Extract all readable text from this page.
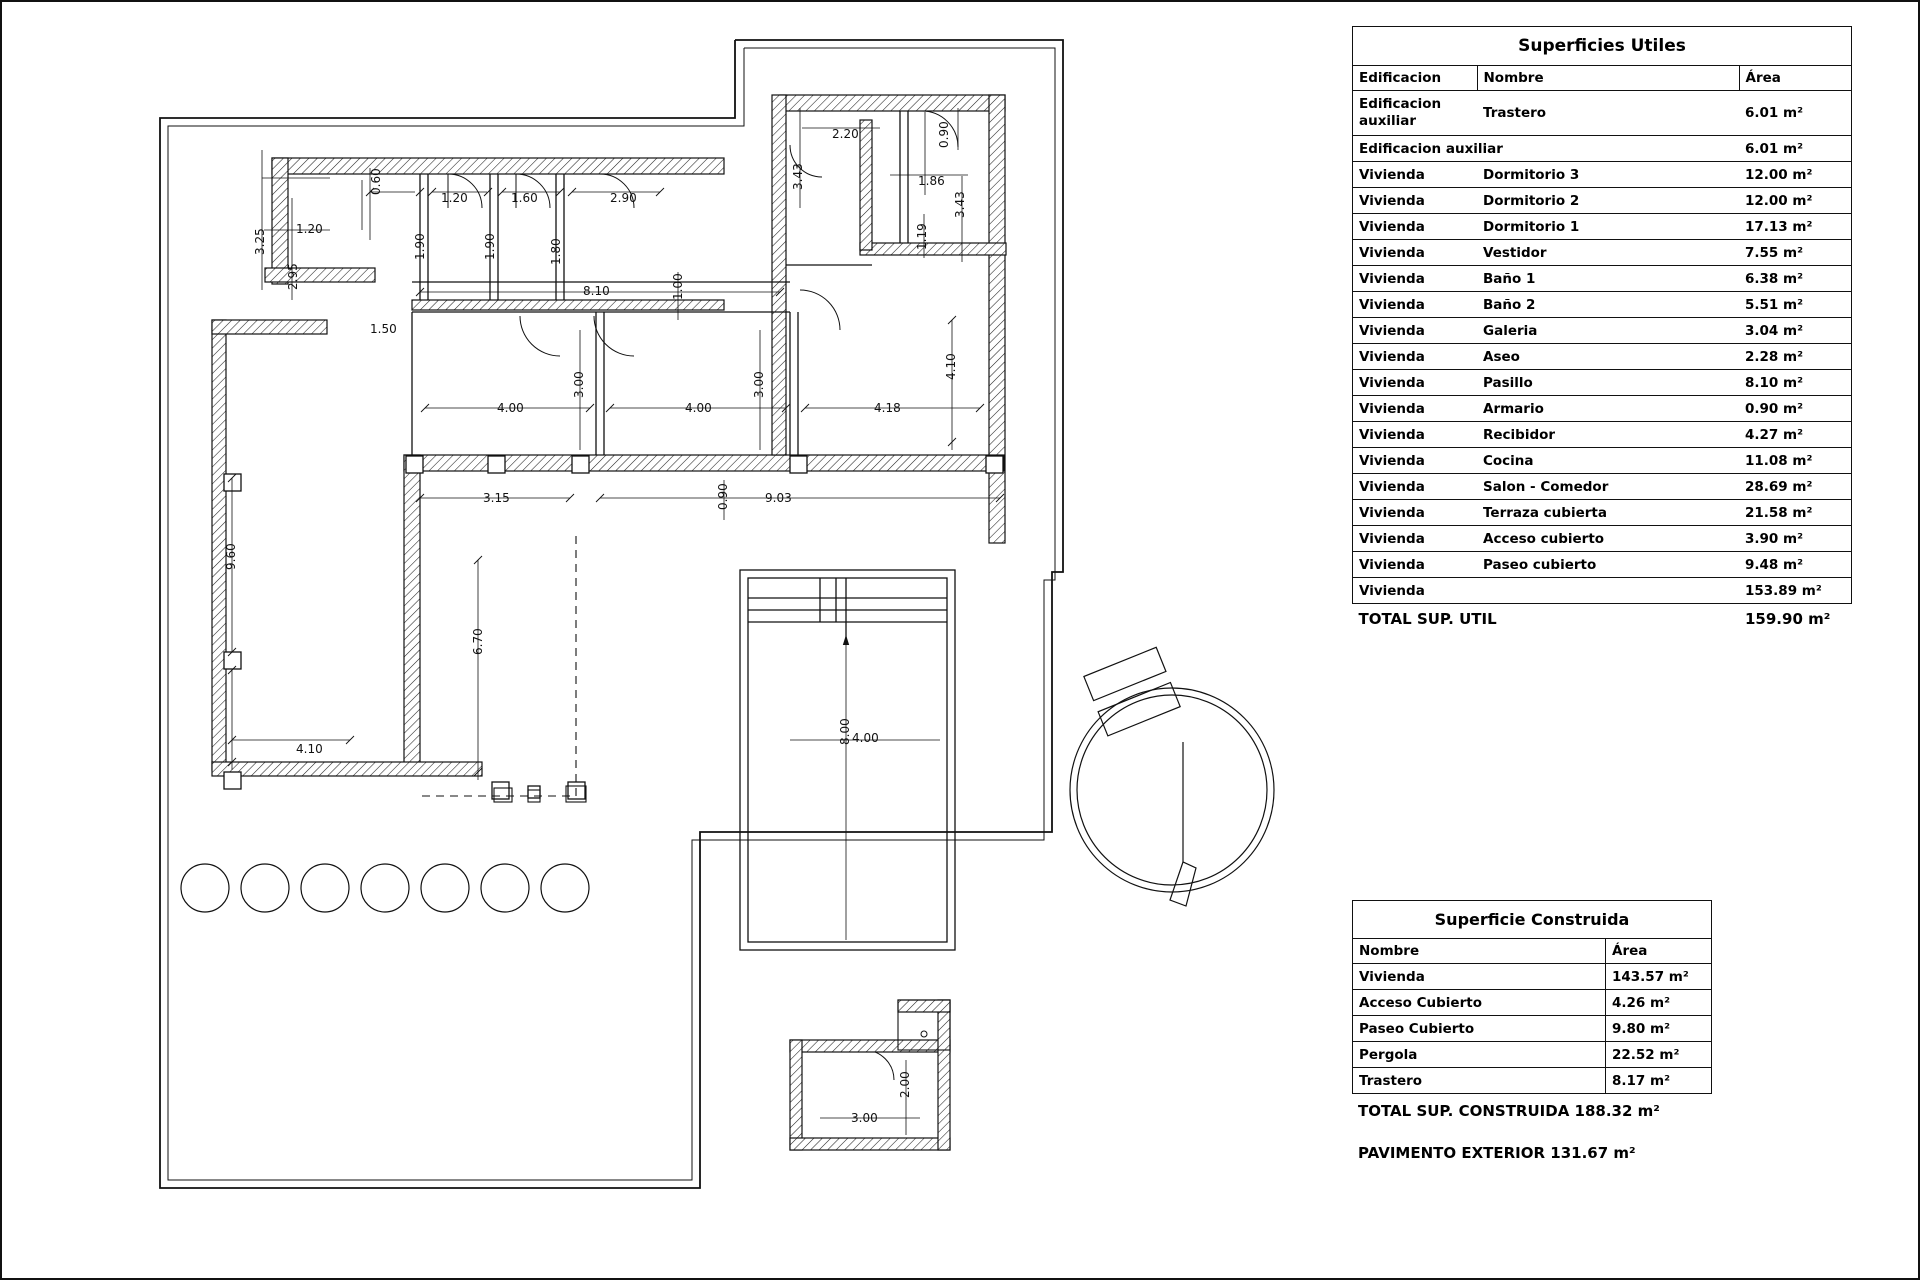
2.20	0.90
3.43	1.86
3.43
1.19
0.60
1.20	1.60	2.90
1.90	1.90	1.80
1.20
3.25
2.95
1.50
8.10	1.00
4.10
4.00
3.00
4.00
3.00
4.18
3.15	0.90	9.03
9.60
6.70
4.10
8.00 4.00
3.00
2.00
Superficies Utiles		
Edificacion	Nombre	Área
Edificacion auxiliar	Trastero	6.01 m²
Edificacion auxiliar		6.01 m²
Vivienda	Dormitorio 3	12.00 m²
Vivienda	Dormitorio 2	12.00 m²
Vivienda	Dormitorio 1	17.13 m²
Vivienda	Vestidor	7.55 m²
Vivienda	Baño 1	6.38 m²
Vivienda	Baño 2	5.51 m²
Vivienda	Galeria	3.04 m²
Vivienda	Aseo	2.28 m²
Vivienda	Pasillo	8.10 m²
Vivienda	Armario	0.90 m²
Vivienda	Recibidor	4.27 m²
Vivienda	Cocina	11.08 m²
Vivienda	Salon - Comedor	28.69 m²
Vivienda	Terraza cubierta	21.58 m²
Vivienda	Acceso cubierto	3.90 m²
Vivienda	Paseo cubierto	9.48 m²
Vivienda		153.89 m²
TOTAL SUP. UTIL		159.90 m²
Superficie Construida	
Nombre	Área
Vivienda	143.57 m²
Acceso Cubierto	4.26 m²
Paseo Cubierto	9.80 m²
Pergola	22.52 m²
Trastero	8.17 m²
TOTAL SUP. CONSTRUIDA 188.32 m²
PAVIMENTO EXTERIOR 131.67 m²
